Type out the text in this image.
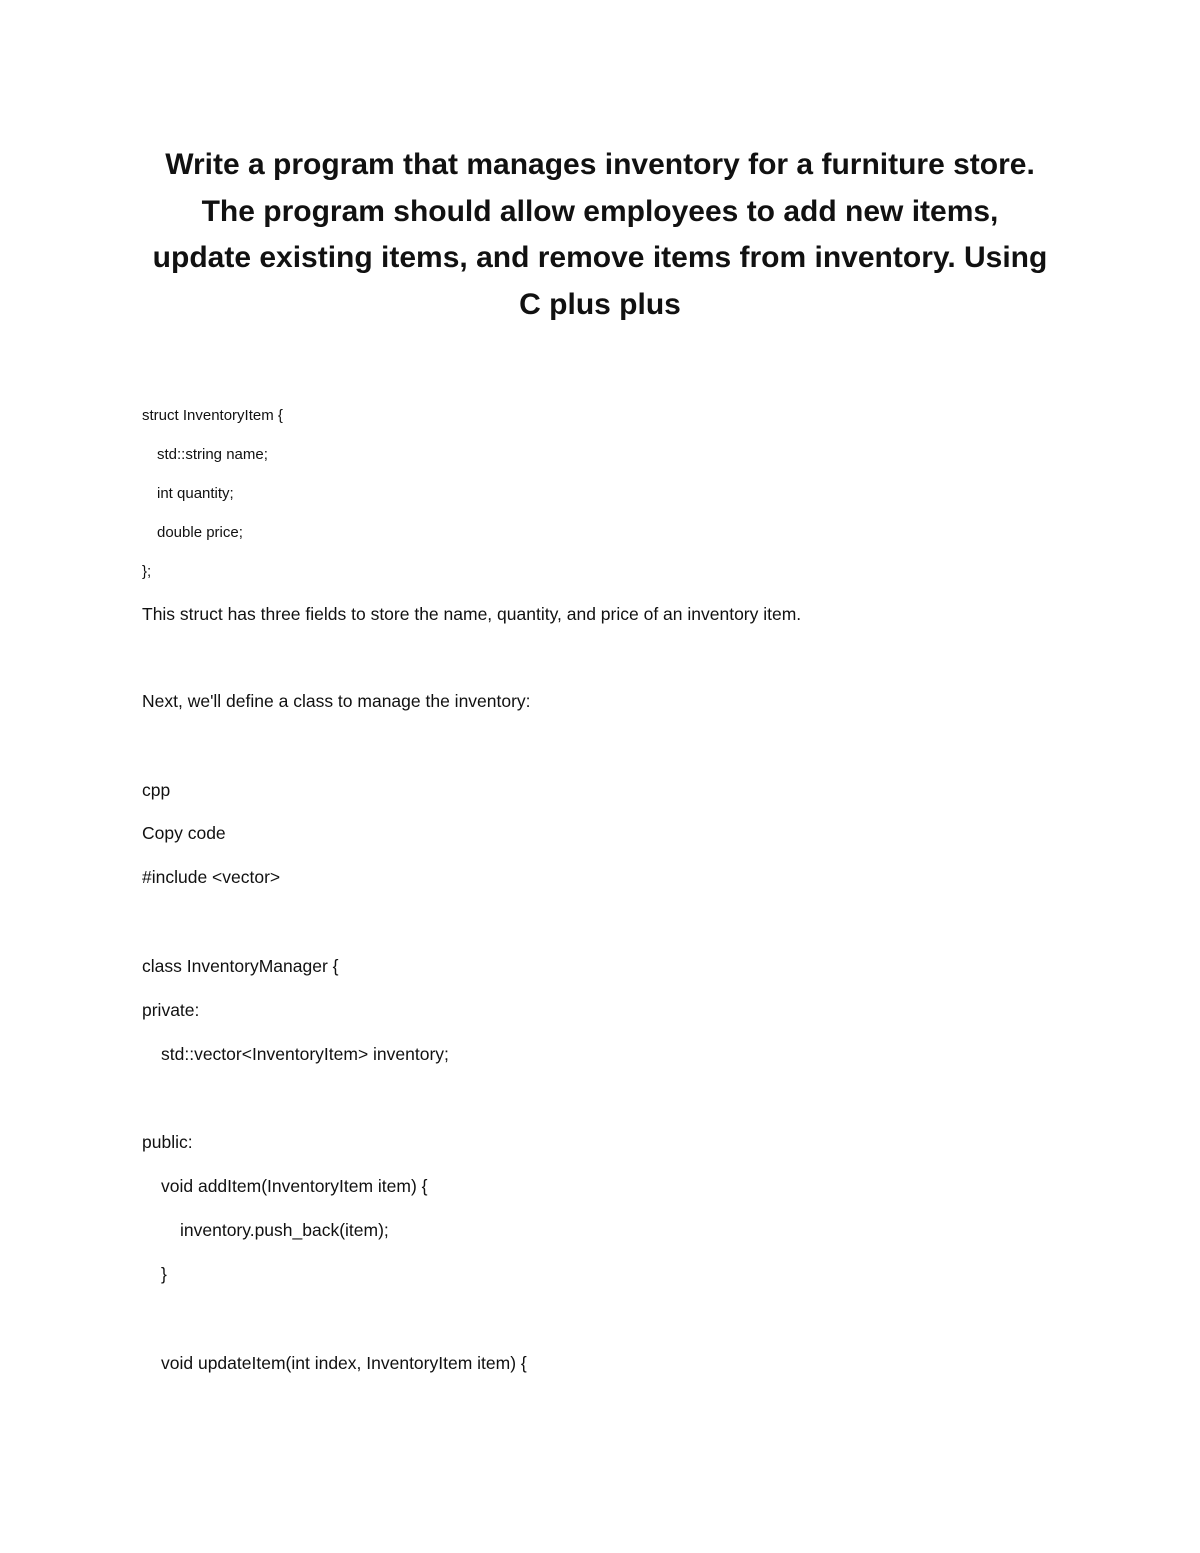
Write a program that manages inventory for a furniture store.
The program should allow employees to add new items,
update existing items, and remove items from inventory. Using
C plus plus

struct InventoryItem {

std::string name;

int quantity;

double price;

};

This struct has three fields to store the name, quantity, and price of an inventory item.

Next, we'll define a class to manage the inventory:

cpp

Copy code

#include <vector>

class InventoryManager {

private:

std::vector<InventoryItem> inventory;

public:

void addItem(InventoryItem item) {

inventory.push_back(item);

}

void updateItem(int index, InventoryItem item) {
